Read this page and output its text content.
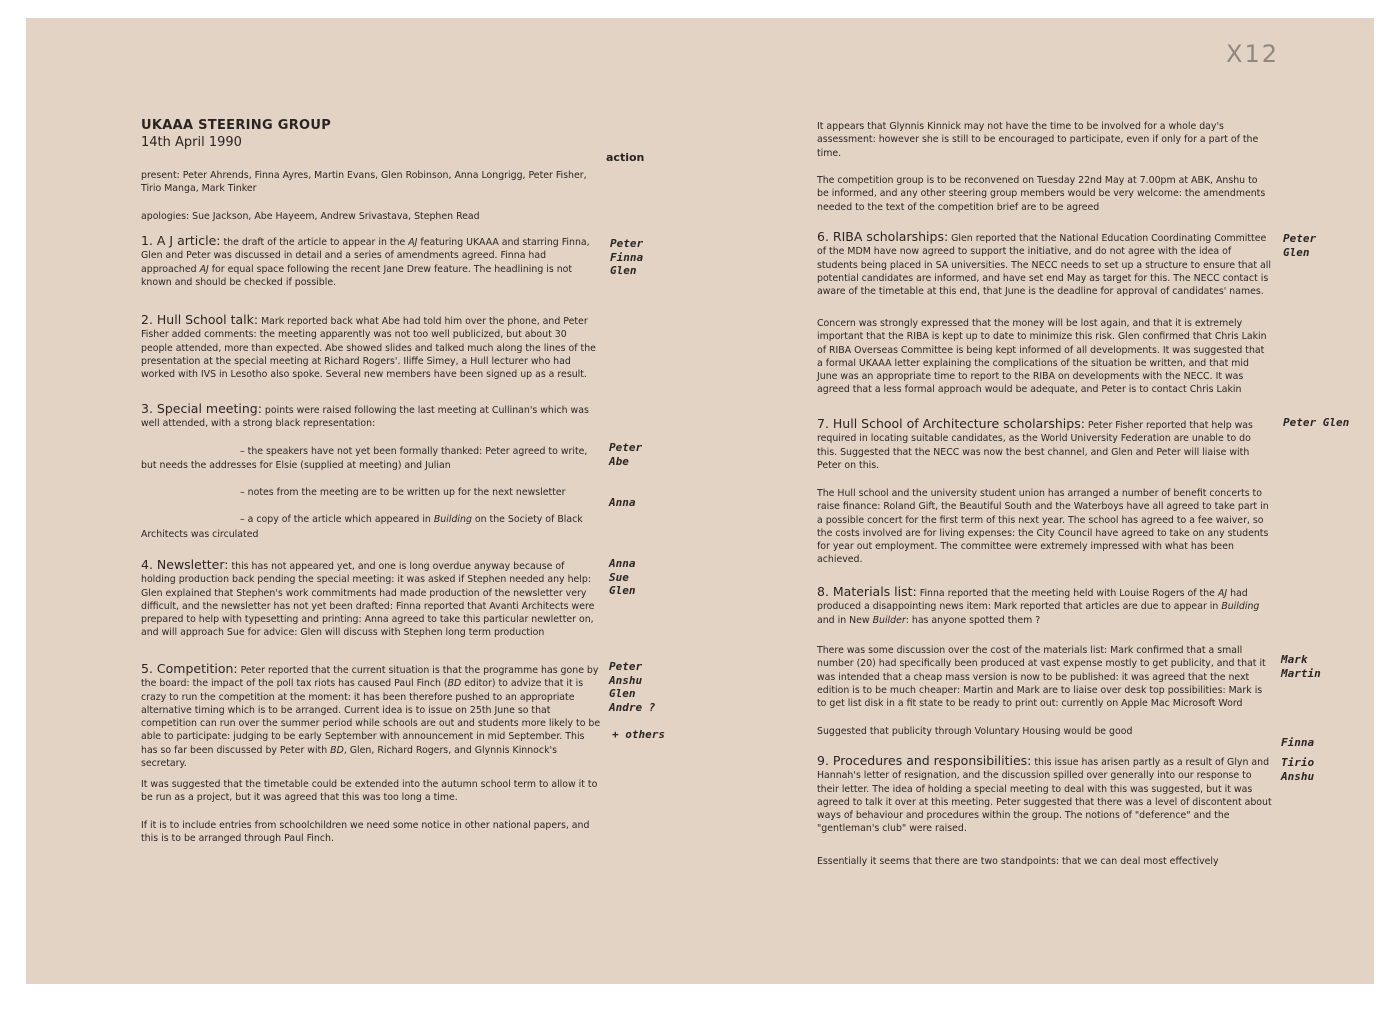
X12
UKAAA STEERING GROUP
14th April 1990
action
present: Peter Ahrends, Finna Ayres, Martin Evans, Glen Robinson, Anna Longrigg, Peter Fisher, Tirio Manga, Mark Tinker
apologies: Sue Jackson, Abe Hayeem, Andrew Srivastava, Stephen Read
1. A J article: the draft of the article to appear in the AJ featuring UKAAA and starring Finna, Glen and Peter was discussed in detail and a series of amendments agreed. Finna had approached AJ for equal space following the recent Jane Drew feature. The headlining is not known and should be checked if possible.
Peter
Finna
Glen
2. Hull School talk: Mark reported back what Abe had told him over the phone, and Peter Fisher added comments: the meeting apparently was not too well publicized, but about 30 people attended, more than expected. Abe showed slides and talked much along the lines of the presentation at the special meeting at Richard Rogers'. Iliffe Simey, a Hull lecturer who had worked with IVS in Lesotho also spoke. Several new members have been signed up as a result.
3. Special meeting: points were raised following the last meeting at Cullinan's which was well attended, with a strong black representation:
– the speakers have not yet been formally thanked: Peter agreed to write,
but needs the addresses for Elsie (supplied at meeting) and Julian
– notes from the meeting are to be written up for the next newsletter
– a copy of the article which appeared in Building on the Society of Black
Architects was circulated
Peter
Abe
Anna
4. Newsletter: this has not appeared yet, and one is long overdue anyway because of holding production back pending the special meeting: it was asked if Stephen needed any help: Glen explained that Stephen's work commitments had made production of the newsletter very difficult, and the newsletter has not yet been drafted: Finna reported that Avanti Architects were prepared to help with typesetting and printing: Anna agreed to take this particular newletter on, and will approach Sue for advice: Glen will discuss with Stephen long term production
Anna
Sue
Glen
5. Competition: Peter reported that the current situation is that the programme has gone by the board: the impact of the poll tax riots has caused Paul Finch (BD editor) to advize that it is crazy to run the competition at the moment: it has been therefore pushed to an appropriate alternative timing which is to be arranged. Current idea is to issue on 25th June so that competition can run over the summer period while schools are out and students more likely to be able to participate: judging to be early September with announcement in mid September. This has so far been discussed by Peter with BD, Glen, Richard Rogers, and Glynnis Kinnock's secretary.
Peter
Anshu
Glen
Andre ?
+ others
It was suggested that the timetable could be extended into the autumn school term to allow it to be run as a project, but it was agreed that this was too long a time.
If it is to include entries from schoolchildren we need some notice in other national papers, and this is to be arranged through Paul Finch.
It appears that Glynnis Kinnick may not have the time to be involved for a whole day's assessment: however she is still to be encouraged to participate, even if only for a part of the time.
The competition group is to be reconvened on Tuesday 22nd May at 7.00pm at ABK, Anshu to be informed, and any other steering group members would be very welcome: the amendments needed to the text of the competition brief are to be agreed
6. RIBA scholarships: Glen reported that the National Education Coordinating Committee of the MDM have now agreed to support the initiative, and do not agree with the idea of students being placed in SA universities. The NECC needs to set up a structure to ensure that all potential candidates are informed, and have set end May as target for this. The NECC contact is aware of the timetable at this end, that June is the deadline for approval of candidates' names.
Peter
Glen
Concern was strongly expressed that the money will be lost again, and that it is extremely important that the RIBA is kept up to date to minimize this risk. Glen confirmed that Chris Lakin of RIBA Overseas Committee is being kept informed of all developments. It was suggested that a formal UKAAA letter explaining the complications of the situation be written, and that mid June was an appropriate time to report to the RIBA on developments with the NECC. It was agreed that a less formal approach would be adequate, and Peter is to contact Chris Lakin
7. Hull School of Architecture scholarships: Peter Fisher reported that help was required in locating suitable candidates, as the World University Federation are unable to do this. Suggested that the NECC was now the best channel, and Glen and Peter will liaise with Peter on this.
Peter Glen
The Hull school and the university student union has arranged a number of benefit concerts to raise finance: Roland Gift, the Beautiful South and the Waterboys have all agreed to take part in a possible concert for the first term of this next year. The school has agreed to a fee waiver, so the costs involved are for living expenses: the City Council have agreed to take on any students for year out employment. The committee were extremely impressed with what has been achieved.
8. Materials list: Finna reported that the meeting held with Louise Rogers of the AJ had produced a disappointing news item: Mark reported that articles are due to appear in Building and in New Builder: has anyone spotted them ?
There was some discussion over the cost of the materials list: Mark confirmed that a small number (20) had specifically been produced at vast expense mostly to get publicity, and that it was intended that a cheap mass version is now to be published: it was agreed that the next edition is to be much cheaper: Martin and Mark are to liaise over desk top possibilities: Mark is to get list disk in a fit state to be ready to print out: currently on Apple Mac Microsoft Word
Mark
Martin
Suggested that publicity through Voluntary Housing would be good
Finna
9. Procedures and responsibilities: this issue has arisen partly as a result of Glyn and Hannah's letter of resignation, and the discussion spilled over generally into our response to their letter. The idea of holding a special meeting to deal with this was suggested, but it was agreed to talk it over at this meeting. Peter suggested that there was a level of discontent about ways of behaviour and procedures within the group. The notions of "deference" and the "gentleman's club" were raised.
Tirio
Anshu
Essentially it seems that there are two standpoints: that we can deal most effectively
